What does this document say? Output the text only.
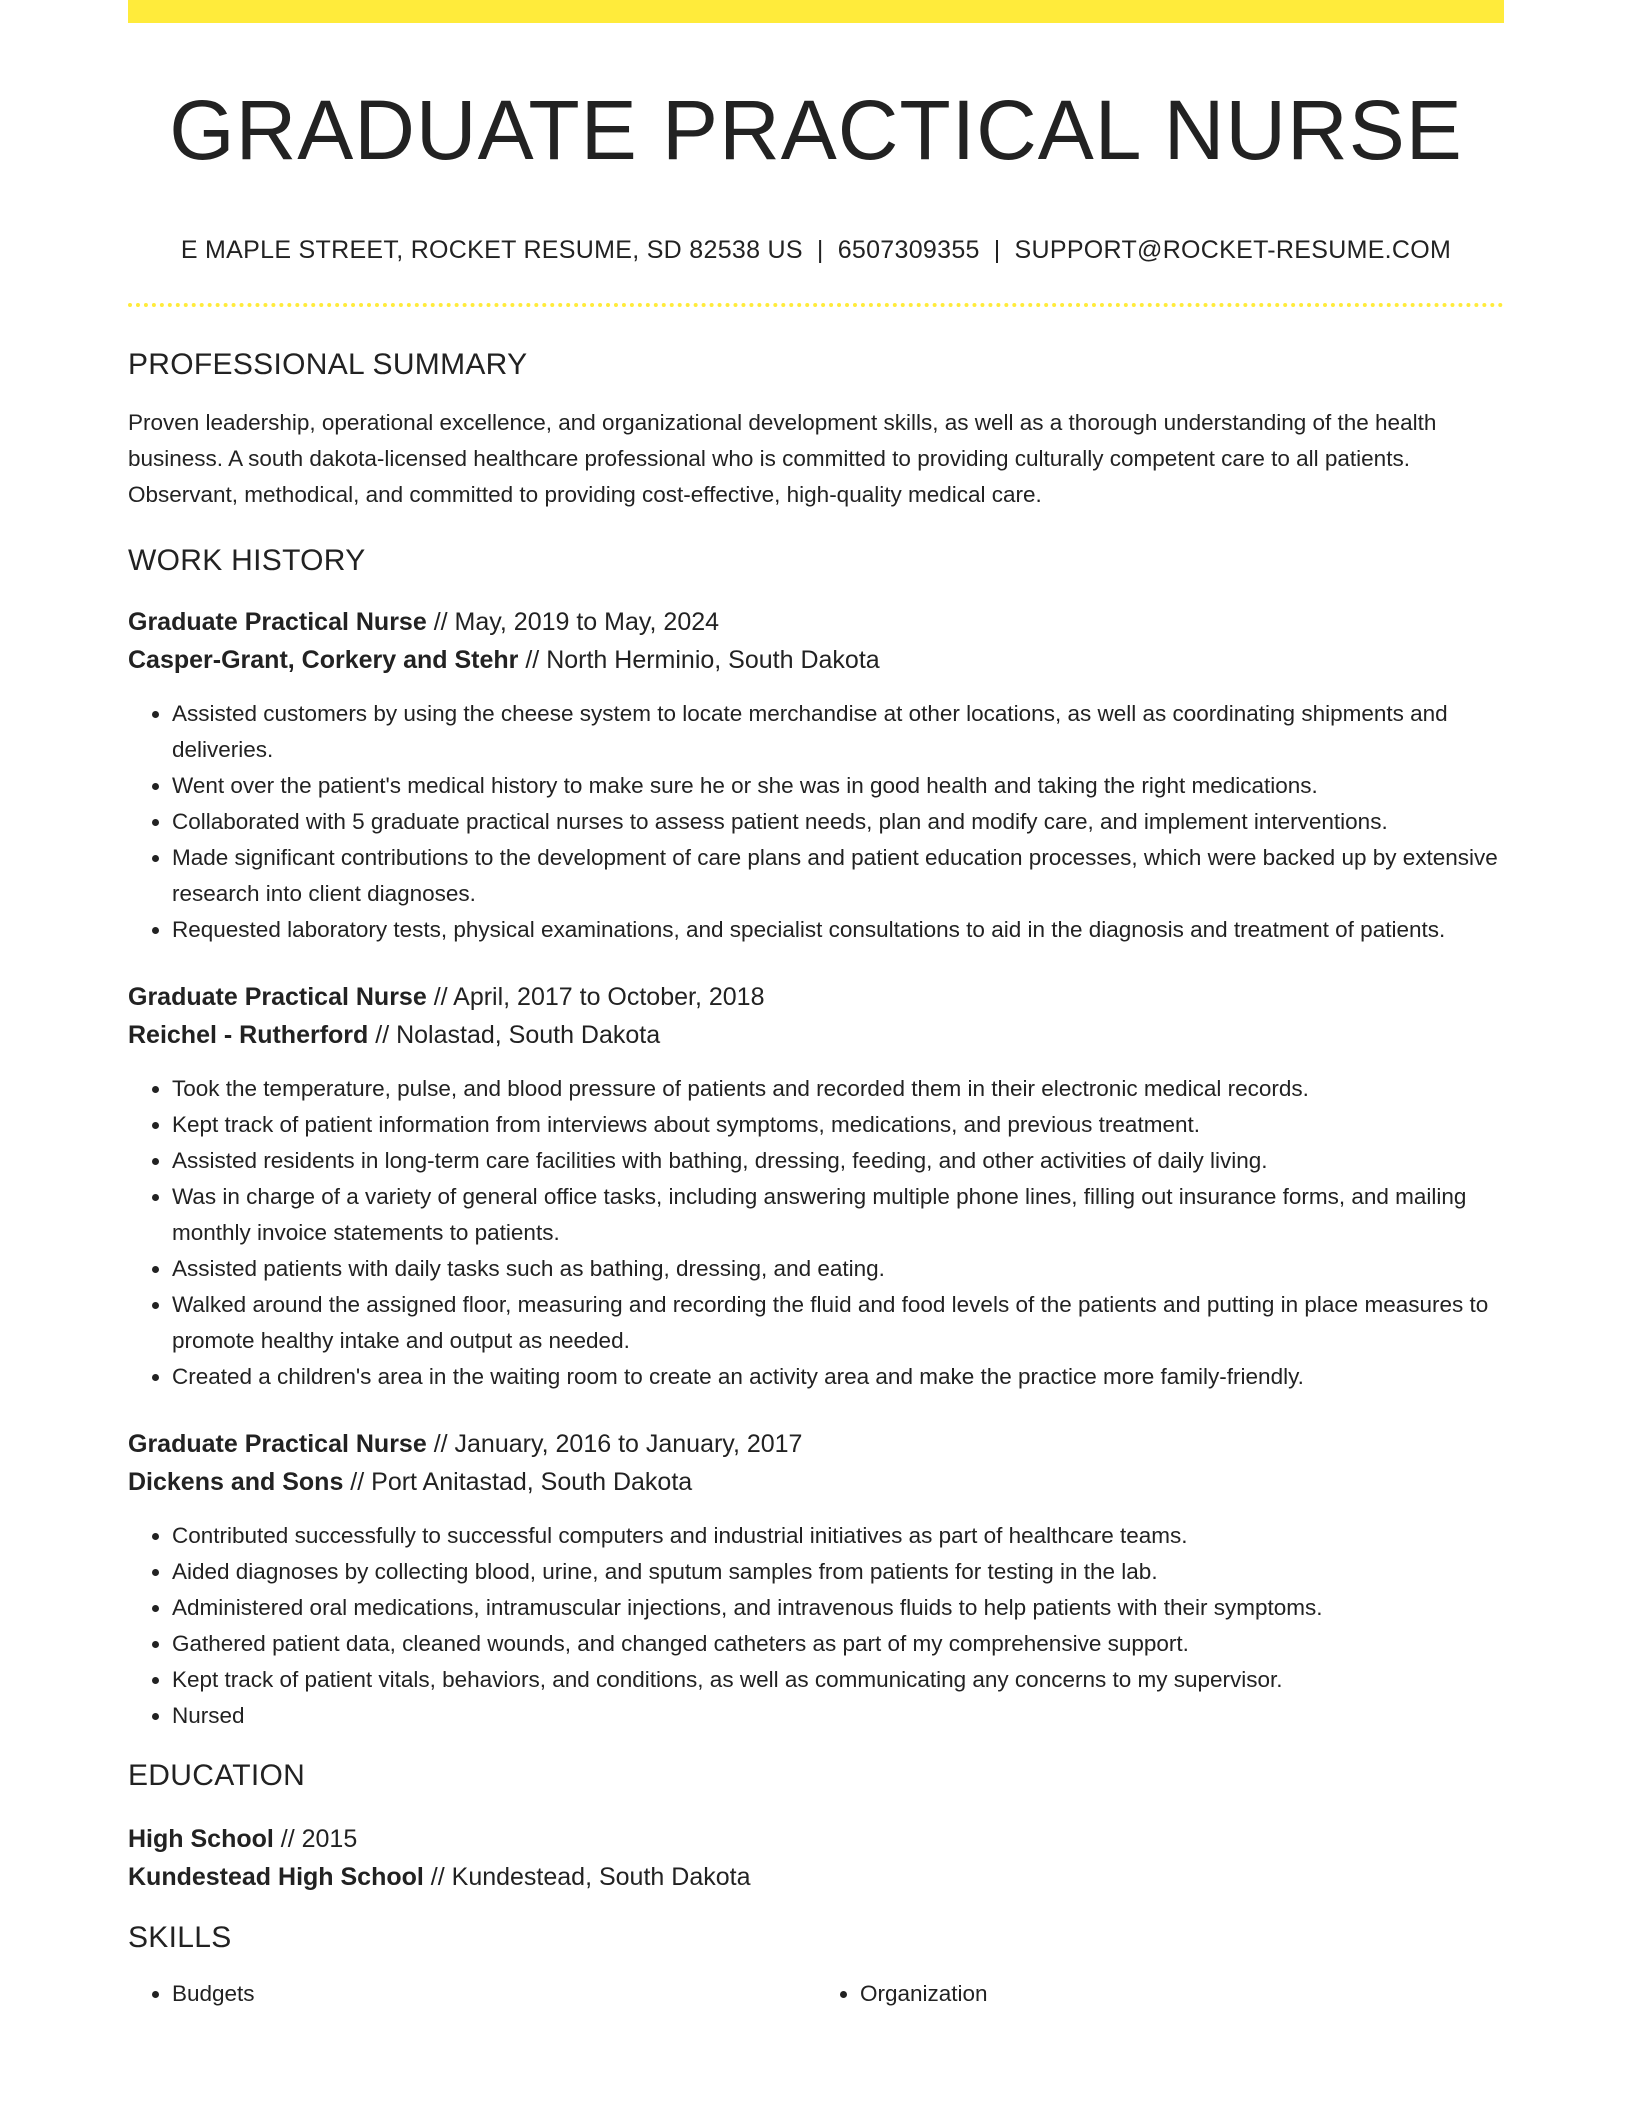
GRADUATE PRACTICAL NURSE
E MAPLE STREET, ROCKET RESUME, SD 82538 US | 6507309355 | SUPPORT@ROCKET-RESUME.COM
PROFESSIONAL SUMMARY

Proven leadership, operational excellence, and organizational development skills, as well as a thorough understanding of the health business. A south dakota-licensed healthcare professional who is committed to providing culturally competent care to all patients. Observant, methodical, and committed to providing cost-effective, high-quality medical care.

WORK HISTORY
Graduate Practical Nurse // May, 2019 to May, 2024
Casper-Grant, Corkery and Stehr // North Herminio, South Dakota
• Assisted customers by using the cheese system to locate merchandise at other locations, as well as coordinating shipments and deliveries.
• Went over the patient's medical history to make sure he or she was in good health and taking the right medications.
• Collaborated with 5 graduate practical nurses to assess patient needs, plan and modify care, and implement interventions.
• Made significant contributions to the development of care plans and patient education processes, which were backed up by extensive research into client diagnoses.
• Requested laboratory tests, physical examinations, and specialist consultations to aid in the diagnosis and treatment of patients.
Graduate Practical Nurse // April, 2017 to October, 2018
Reichel - Rutherford // Nolastad, South Dakota
• Took the temperature, pulse, and blood pressure of patients and recorded them in their electronic medical records.
• Kept track of patient information from interviews about symptoms, medications, and previous treatment.
• Assisted residents in long-term care facilities with bathing, dressing, feeding, and other activities of daily living.
• Was in charge of a variety of general office tasks, including answering multiple phone lines, filling out insurance forms, and mailing monthly invoice statements to patients.
• Assisted patients with daily tasks such as bathing, dressing, and eating.
• Walked around the assigned floor, measuring and recording the fluid and food levels of the patients and putting in place measures to promote healthy intake and output as needed.
• Created a children's area in the waiting room to create an activity area and make the practice more family-friendly.
Graduate Practical Nurse // January, 2016 to January, 2017
Dickens and Sons // Port Anitastad, South Dakota
• Contributed successfully to successful computers and industrial initiatives as part of healthcare teams.
• Aided diagnoses by collecting blood, urine, and sputum samples from patients for testing in the lab.
• Administered oral medications, intramuscular injections, and intravenous fluids to help patients with their symptoms.
• Gathered patient data, cleaned wounds, and changed catheters as part of my comprehensive support.
• Kept track of patient vitals, behaviors, and conditions, as well as communicating any concerns to my supervisor.
• Nursed
EDUCATION
High School // 2015
Kundestead High School // Kundestead, South Dakota
SKILLS
• Budgets
•	Organization
